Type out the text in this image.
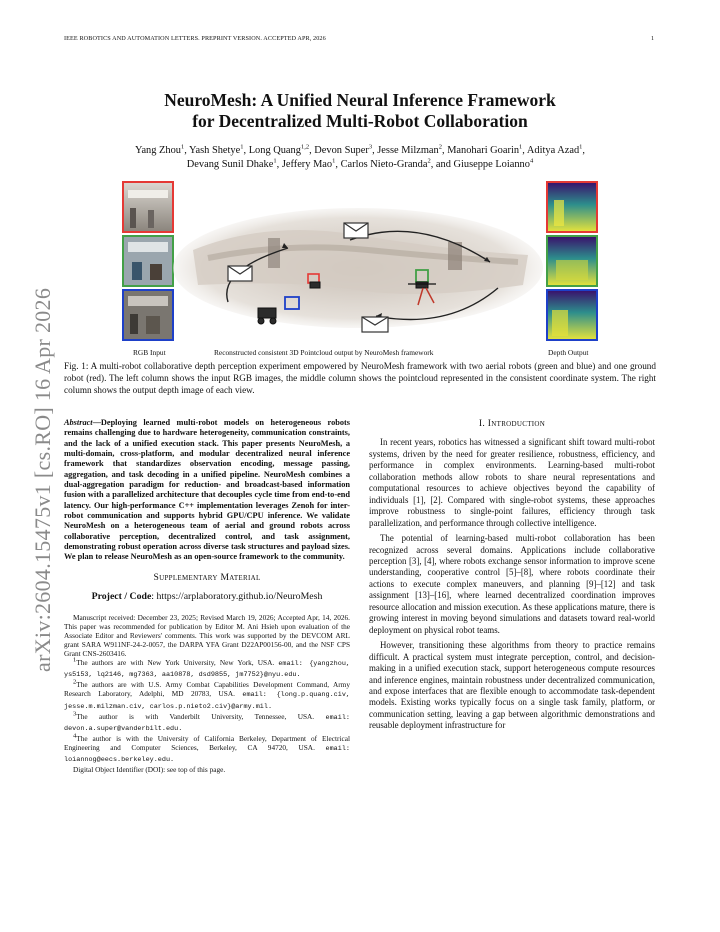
IEEE ROBOTICS AND AUTOMATION LETTERS. PREPRINT VERSION. ACCEPTED APR, 2026	1
arXiv:2604.15475v1 [cs.RO] 16 Apr 2026
NeuroMesh: A Unified Neural Inference Framework
for Decentralized Multi-Robot Collaboration
Yang Zhou$^1$, Yash Shetye$^1$, Long Quang$^{1,2}$, Devon Super$^3$, Jesse Milzman$^2$, Manohari Goarin$^1$, Aditya Azad$^1$,
Devang Sunil Dhake$^1$, Jeffery Mao$^1$, Carlos Nieto-Granda$^2$, and Giuseppe Loianno$^4$
RGB Input	Reconstructed consistent 3D Pointcloud output by NeuroMesh framework	Depth Output
Fig. 1: A multi-robot collaborative depth perception experiment empowered by NeuroMesh framework with two aerial robots (green and blue) and one ground robot (red). The left column shows the input RGB images, the middle column shows the pointcloud represented in the consistent coordinate system. The right column shows the output depth image of each view.
Abstract—Deploying learned multi-robot models on heterogeneous robots remains challenging due to hardware heterogeneity, communication constraints, and the lack of a unified execution stack. This paper presents NeuroMesh, a multi-domain, cross-platform, and modular decentralized neural inference framework that standardizes observation encoding, message passing, aggregation, and task decoding in a unified pipeline. NeuroMesh combines a dual-aggregation paradigm for reduction- and broadcast-based information fusion with a parallelized architecture that decouples cycle time from end-to-end latency. Our high-performance C++ implementation leverages Zenoh for inter-robot communication and supports hybrid GPU/CPU inference. We validate NeuroMesh on a heterogeneous team of aerial and ground robots across collaborative perception, decentralized control, and task assignment, demonstrating robust operation across diverse task structures and payload sizes. We plan to release NeuroMesh as an open-source framework to the community.
Supplementary Material
Project / Code: https://arplaboratory.github.io/NeuroMesh

Manuscript received: December 23, 2025; Revised March 19, 2026; Accepted Apr, 14, 2026. This paper was recommended for publication by Editor M. Ani Hsieh upon evaluation of the Associate Editor and Reviewers' comments. This work was supported by the DEVCOM ARL grant SARA W911NF-24-2-0057, the DARPA YFA Grant D22AP00156-00, and the NSF CPS Grant CNS-2603416.

$^1$The authors are with New York University, New York, USA. email: {yangzhou, ys5153, lq2146, mg7363, aa10878, dsd9855, jm7752}@nyu.edu.

$^2$The authors are with U.S. Army Combat Capabilities Development Command, Army Research Laboratory, Adelphi, MD 20783, USA. email: {long.p.quang.civ, jesse.m.milzman.civ, carlos.p.nieto2.civ}@army.mil.

$^3$The author is with Vanderbilt University, Tennessee, USA. email: devon.a.super@vanderbilt.edu.

$^4$The author is with the University of California Berkeley, Department of Electrical Engineering and Computer Sciences, Berkeley, CA 94720, USA. email: loiannog@eecs.berkeley.edu.

Digital Object Identifier (DOI): see top of this page.

I. Introduction

In recent years, robotics has witnessed a significant shift toward multi-robot systems, driven by the need for greater resilience, robustness, efficiency, and performance in complex environments. Learning-based multi-robot collaboration methods allow robots to share neural representations and computational resources to achieve objectives beyond the capability of individuals [1], [2]. Compared with single-robot systems, these approaches improve robustness to single-point failures, efficiency through task parallelization, and performance through collective intelligence.

The potential of learning-based multi-robot collaboration has been recognized across several domains. Applications include collaborative perception [3], [4], where robots exchange sensor information to improve scene understanding, cooperative control [5]–[8], where robots coordinate their actions to execute complex maneuvers, and planning [9]–[12] and task assignment [13]–[16], where learned decentralized coordination improves resource allocation and mission execution. As these applications mature, there is growing interest in moving beyond simulations and datasets toward real-world deployment on physical robot teams.

However, transitioning these algorithms from theory to practice remains difficult. A practical system must integrate perception, control, and decision-making in a unified execution stack, support heterogeneous compute resources and inference engines, maintain robustness under decentralized communication, and expose interfaces that are flexible enough to accommodate task-dependent models. Existing works typically focus on a single task family, platform, or communication setting, leaving a gap between algorithmic demonstrations and reusable deployment infrastructure for
